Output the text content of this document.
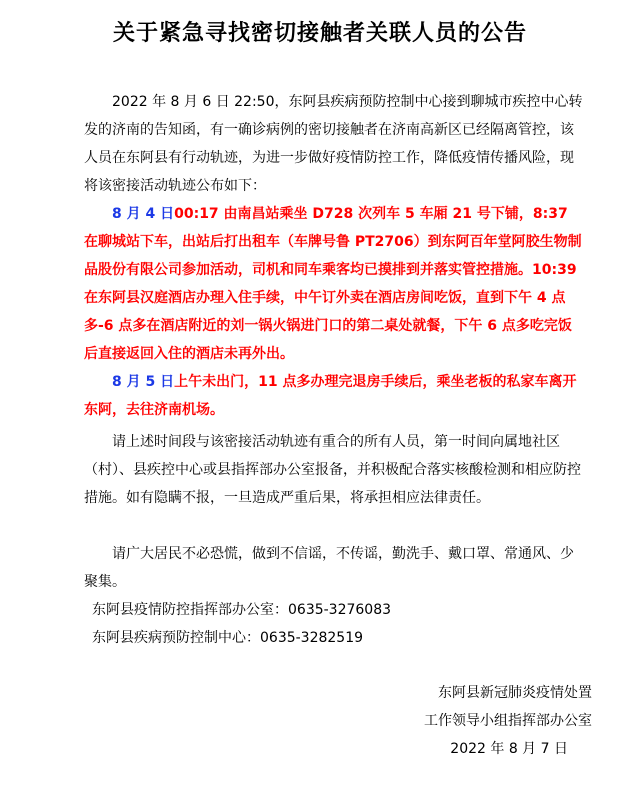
关于紧急寻找密切接触者关联人员的公告
2022 年 8 月 6 日 22:50，东阿县疾病预防控制中心接到聊城市疾控中心转发的济南的告知函，有一确诊病例的密切接触者在济南高新区已经隔离管控，该人员在东阿县有行动轨迹，为进一步做好疫情防控工作，降低疫情传播风险，现将该密接活动轨迹公布如下：
8 月 4 日00:17 由南昌站乘坐 D728 次列车 5 车厢 21 号下铺，8:37 在聊城站下车，出站后打出租车（车牌号鲁 PT2706）到东阿百年堂阿胶生物制品股份有限公司参加活动，司机和同车乘客均已摸排到并落实管控措施。10:39 在东阿县汉庭酒店办理入住手续，中午订外卖在酒店房间吃饭，直到下午 4 点多-6 点多在酒店附近的刘一锅火锅进门口的第二桌处就餐，下午 6 点多吃完饭后直接返回入住的酒店未再外出。
8 月 5 日上午未出门，11 点多办理完退房手续后，乘坐老板的私家车离开东阿，去往济南机场。
请上述时间段与该密接活动轨迹有重合的所有人员，第一时间向属地社区（村）、县疾控中心或县指挥部办公室报备，并积极配合落实核酸检测和相应防控措施。如有隐瞒不报，一旦造成严重后果，将承担相应法律责任。
请广大居民不必恐慌，做到不信谣，不传谣，勤洗手、戴口罩、常通风、少聚集。
东阿县疫情防控指挥部办公室：0635-3276083
东阿县疾病预防控制中心：0635-3282519
东阿县新冠肺炎疫情处置
工作领导小组指挥部办公室
2022 年 8 月 7 日
